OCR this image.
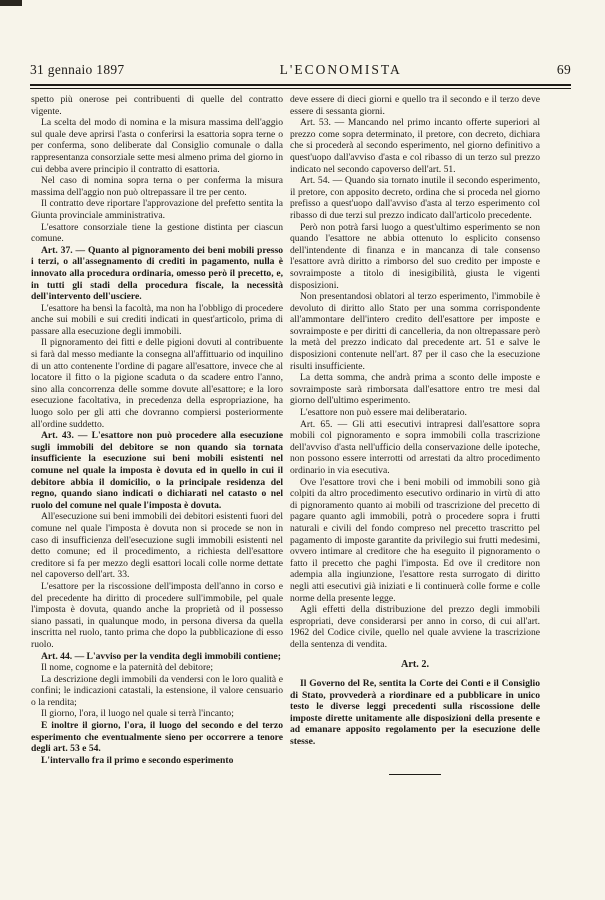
31 gennaio 1897	L'ECONOMISTA	69

spetto più onerose pei contribuenti di quelle del contratto vigente.

La scelta del modo di nomina e la misura massima dell'aggio sul quale deve aprirsi l'asta o conferirsi la esattoria sopra terne o per conferma, sono deliberate dal Consiglio comunale o dalla rappresentanza consorziale sette mesi almeno prima del giorno in cui debba avere principio il contratto di esattoria.

Nel caso di nomina sopra terna o per conferma la misura massima dell'aggio non può oltrepassare il tre per cento.

Il contratto deve riportare l'approvazione del prefetto sentita la Giunta provinciale amministrativa.

L'esattore consorziale tiene la gestione distinta per ciascun comune.

Art. 37. — Quanto al pignoramento dei beni mobili presso i terzi, o all'assegnamento di crediti in pagamento, nulla è innovato alla procedura ordinaria, omesso però il precetto, e, in tutti gli stadi della procedura fiscale, la necessità dell'intervento dell'usciere.

L'esattore ha bensì la facoltà, ma non ha l'obbligo di procedere anche sui mobili e sui crediti indicati in quest'articolo, prima di passare alla esecuzione degli immobili.

Il pignoramento dei fitti e delle pigioni dovuti al contribuente si farà dal messo mediante la consegna all'affittuario od inquilino di un atto contenente l'ordine di pagare all'esattore, invece che al locatore il fitto o la pigione scaduta o da scadere entro l'anno, sino alla concorrenza delle somme dovute all'esattore; e la loro esecuzione facoltativa, in precedenza della espropriazione, ha luogo solo per gli atti che dovranno compiersi posteriormente all'ordine suddetto.

Art. 43. — L'esattore non può procedere alla esecuzione sugli immobili del debitore se non quando sia tornata insufficiente la esecuzione sui beni mobili esistenti nel comune nel quale la imposta è dovuta ed in quello in cui il debitore abbia il domicilio, o la principale residenza del regno, quando siano indicati o dichiarati nel catasto o nel ruolo del comune nel quale l'imposta è dovuta.

All'esecuzione sui beni immobili dei debitori esistenti fuori del comune nel quale l'imposta è dovuta non si procede se non in caso di insufficienza dell'esecuzione sugli immobili esistenti nel detto comune; ed il procedimento, a richiesta dell'esattore creditore si fa per mezzo degli esattori locali colle norme dettate nel capoverso dell'art. 33.

L'esattore per la riscossione dell'imposta dell'anno in corso e del precedente ha diritto di procedere sull'immobile, pel quale l'imposta è dovuta, quando anche la proprietà od il possesso siano passati, in qualunque modo, in persona diversa da quella inscritta nel ruolo, tanto prima che dopo la pubblicazione di esso ruolo.

Art. 44. — L'avviso per la vendita degli immobili contiene;

Il nome, cognome e la paternità del debitore;

La descrizione degli immobili da vendersi con le loro qualità e confini; le indicazioni catastali, la estensione, il valore censuario o la rendita;

Il giorno, l'ora, il luogo nel quale si terrà l'incanto;

E inoltre il giorno, l'ora, il luogo del secondo e del terzo esperimento che eventualmente sieno per occorrere a tenore degli art. 53 e 54.

L'intervallo fra il primo e secondo esperimento

deve essere di dieci giorni e quello tra il secondo e il terzo deve essere di sessanta giorni.

Art. 53. — Mancando nel primo incanto offerte superiori al prezzo come sopra determinato, il pretore, con decreto, dichiara che si procederà al secondo esperimento, nel giorno definitivo a quest'uopo dall'avviso d'asta e col ribasso di un terzo sul prezzo indicato nel secondo capoverso dell'art. 51.

Art. 54. — Quando sia tornato inutile il secondo esperimento, il pretore, con apposito decreto, ordina che si proceda nel giorno prefisso a quest'uopo dall'avviso d'asta al terzo esperimento col ribasso di due terzi sul prezzo indicato dall'articolo precedente.

Però non potrà farsi luogo a quest'ultimo esperimento se non quando l'esattore ne abbia ottenuto lo esplicito consenso dell'intendente di finanza e in mancanza di tale consenso l'esattore avrà diritto a rimborso del suo credito per imposte e sovraimposte a titolo di inesigibilità, giusta le vigenti disposizioni.

Non presentandosi oblatori al terzo esperimento, l'immobile è devoluto di diritto allo Stato per una somma corrispondente all'ammontare dell'intero credito dell'esattore per imposte e sovraimposte e per diritti di cancelleria, da non oltrepassare però la metà del prezzo indicato dal precedente art. 51 e salve le disposizioni contenute nell'art. 87 per il caso che la esecuzione risulti insufficiente.

La detta somma, che andrà prima a sconto delle imposte e sovraimposte sarà rimborsata dall'esattore entro tre mesi dal giorno dell'ultimo esperimento.

L'esattore non può essere mai deliberatario.

Art. 65. — Gli atti esecutivi intrapresi dall'esattore sopra mobili col pignoramento e sopra immobili colla trascrizione dell'avviso d'asta nell'ufficio della conservazione delle ipoteche, non possono essere interrotti od arrestati da altro procedimento ordinario in via esecutiva.

Ove l'esattore trovi che i beni mobili od immobili sono già colpiti da altro procedimento esecutivo ordinario in virtù di atto di pignoramento quanto ai mobili od trascrizione del precetto di pagare quanto agli immobili, potrà o procedere sopra i frutti naturali e civili del fondo compreso nel precetto trascritto pel pagamento di imposte garantite da privilegio sui frutti medesimi, ovvero intimare al creditore che ha eseguito il pignoramento o fatto il precetto che paghi l'imposta. Ed ove il creditore non adempia alla ingiunzione, l'esattore resta surrogato di diritto negli atti esecutivi già iniziati e li continuerà colle forme e colle norme della presente legge.

Agli effetti della distribuzione del prezzo degli immobili espropriati, deve considerarsi per anno in corso, di cui all'art. 1962 del Codice civile, quello nel quale avviene la trascrizione della sentenza di vendita.

Art. 2.

Il Governo del Re, sentita la Corte dei Conti e il Consiglio di Stato, provvederà a riordinare ed a pubblicare in unico testo le diverse leggi precedenti sulla riscossione delle imposte dirette unitamente alle disposizioni della presente e ad emanare apposito regolamento per la esecuzione delle stesse.
